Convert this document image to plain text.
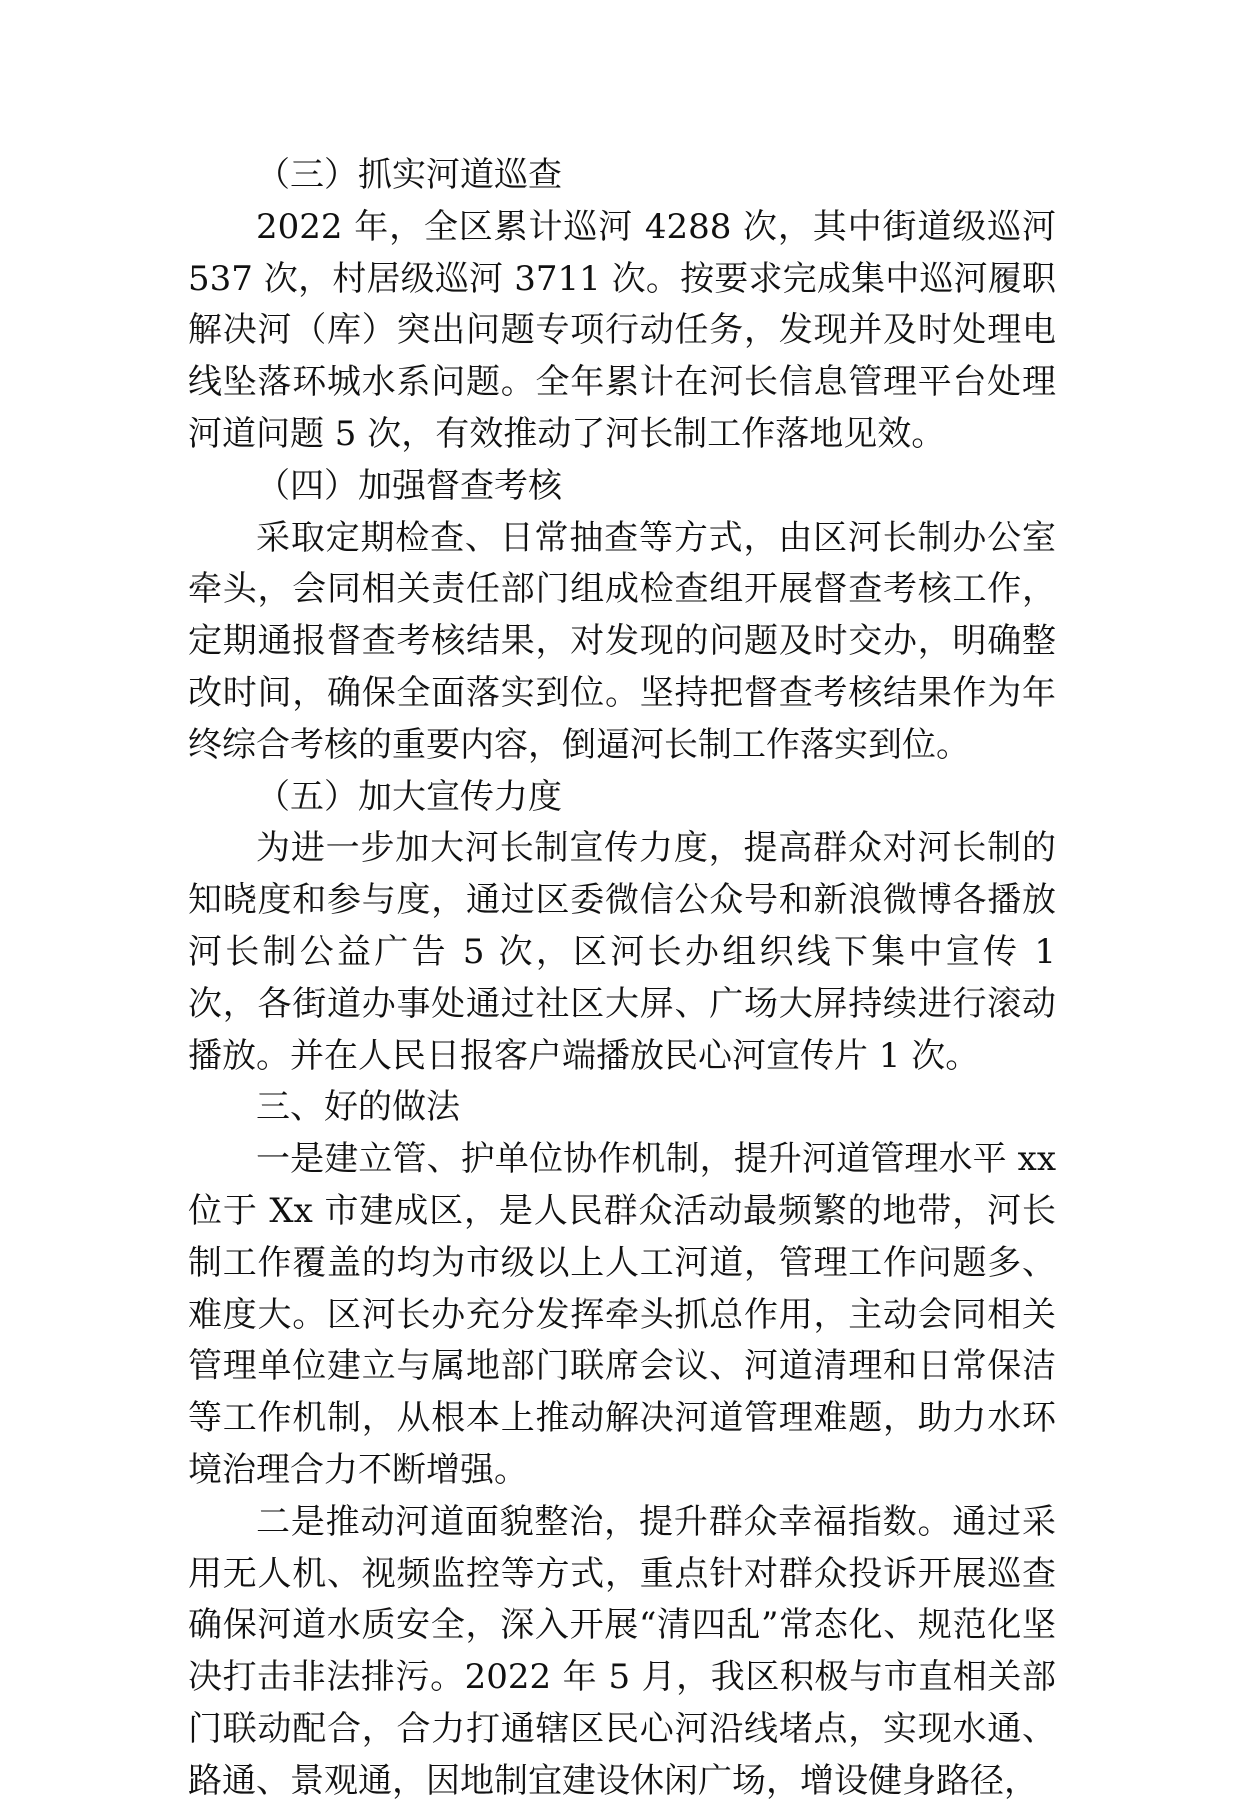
（三）抓实河道巡查

2022 年，全区累计巡河 4288 次，其中街道级巡河 537 次，村居级巡河 3711 次。按要求完成集中巡河履职解决河（库）突出问题专项行动任务，发现并及时处理电线坠落环城水系问题。全年累计在河长信息管理平台处理河道问题 5 次，有效推动了河长制工作落地见效。

（四）加强督查考核

采取定期检查、日常抽查等方式，由区河长制办公室牵头，会同相关责任部门组成检查组开展督查考核工作，定期通报督查考核结果，对发现的问题及时交办，明确整改时间，确保全面落实到位。坚持把督查考核结果作为年终综合考核的重要内容，倒逼河长制工作落实到位。

（五）加大宣传力度

为进一步加大河长制宣传力度，提高群众对河长制的知晓度和参与度，通过区委微信公众号和新浪微博各播放河长制公益广告 5 次，区河长办组织线下集中宣传 1 次，各街道办事处通过社区大屏、广场大屏持续进行滚动播放。并在人民日报客户端播放民心河宣传片 1 次。

三、好的做法

一是建立管、护单位协作机制，提升河道管理水平 xx 位于 Xx 市建成区，是人民群众活动最频繁的地带，河长制工作覆盖的均为市级以上人工河道，管理工作问题多、难度大。区河长办充分发挥牵头抓总作用，主动会同相关管理单位建立与属地部门联席会议、河道清理和日常保洁等工作机制，从根本上推动解决河道管理难题，助力水环境治理合力不断增强。

二是推动河道面貌整治，提升群众幸福指数。通过采用无人机、视频监控等方式，重点针对群众投诉开展巡查确保河道水质安全，深入开展“清四乱”常态化、规范化坚决打击非法排污。2022 年 5 月，我区积极与市直相关部门联动配合，合力打通辖区民心河沿线堵点，实现水通、路通、景观通，因地制宜建设休闲广场，增设健身路径，
